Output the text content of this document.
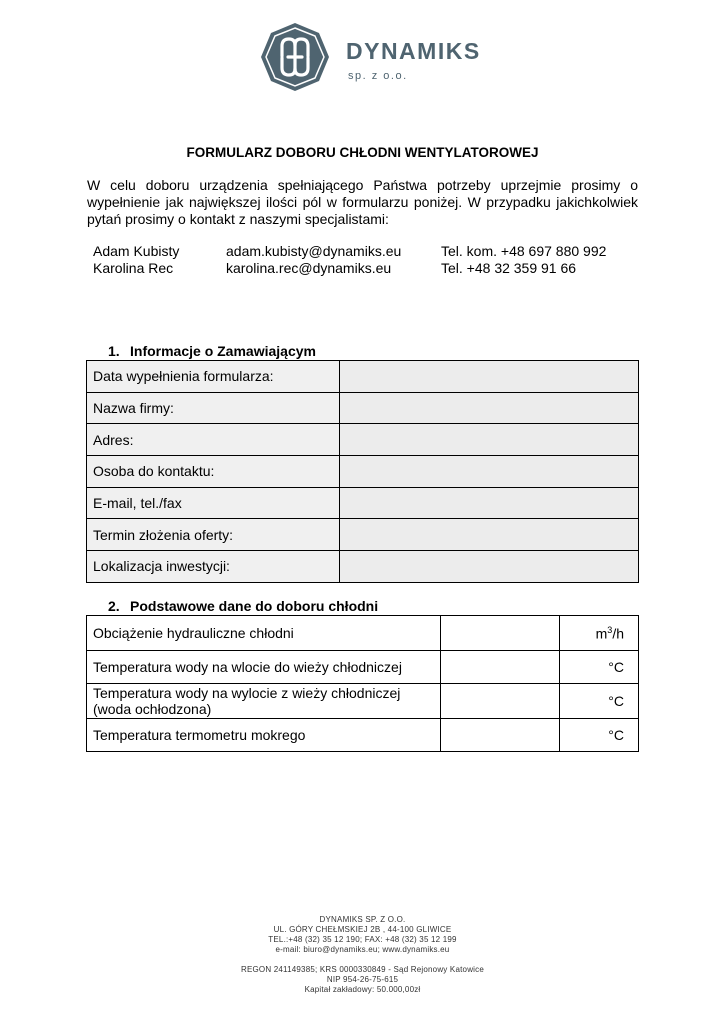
DYNAMIKS
sp. z o.o.
FORMULARZ DOBORU CHŁODNI WENTYLATOROWEJ

W celu doboru urządzenia spełniającego Państwa potrzeby uprzejmie prosimy o wypełnienie jak największej ilości pól w formularzu poniżej. W przypadku jakichkolwiek pytań prosimy o kontakt z naszymi specjalistami:

Adam Kubisty	adam.kubisty@dynamiks.eu	Tel. kom. +48 697 880 992
Karolina Rec	karolina.rec@dynamiks.eu	Tel. +48 32 359 91 66
1. Informacje o Zamawiającym
Data wypełnienia formularza:	
Nazwa firmy:	
Adres:	
Osoba do kontaktu:	
E-mail, tel./fax	
Termin złożenia oferty:	
Lokalizacja inwestycji:	
2. Podstawowe dane do doboru chłodni
Obciążenie hydrauliczne chłodni		$m^3/h$

Temperatura wody na wlocie do wieży chłodniczej		°C

Temperatura wody na wylocie z wieży chłodniczej
(woda ochłodzona)		°C

Temperatura termometru mokrego		°C
DYNAMIKS SP. Z O.O.
UL. GÓRY CHEŁMSKIEJ 2B , 44-100 GLIWICE
TEL.:+48 (32) 35 12 190; FAX: +48 (32) 35 12 199
e-mail: biuro@dynamiks.eu; www.dynamiks.eu
REGON 241149385; KRS 0000330849 - Sąd Rejonowy Katowice
NIP 954-26-75-615
Kapitał zakładowy: 50.000,00zł
